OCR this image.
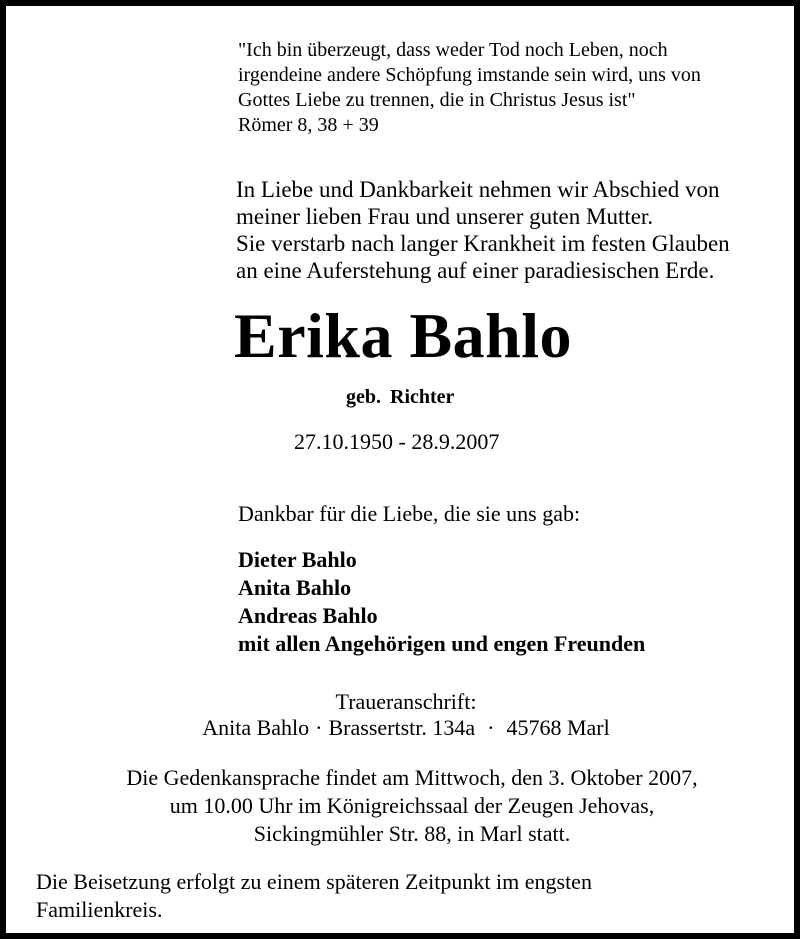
"Ich bin überzeugt, dass weder Tod noch Leben, noch
irgendeine andere Schöpfung imstande sein wird, uns von
Gottes Liebe zu trennen, die in Christus Jesus ist"
Römer 8, 38 + 39
In Liebe und Dankbarkeit nehmen wir Abschied von
meiner lieben Frau und unserer guten Mutter.
Sie verstarb nach langer Krankheit im festen Glauben
an eine Auferstehung auf einer paradiesischen Erde.
Erika Bahlo
geb. Richter
27.10.1950 - 28.9.2007
Dankbar für die Liebe, die sie uns gab:
Dieter Bahlo
Anita Bahlo
Andreas Bahlo
mit allen Angehörigen und engen Freunden
Traueranschrift:
Anita Bahlo · Brassertstr. 134a · 45768 Marl
Die Gedenkansprache findet am Mittwoch, den 3. Oktober 2007,
um 10.00 Uhr im Königreichssaal der Zeugen Jehovas,
Sickingmühler Str. 88, in Marl statt.
Die Beisetzung erfolgt zu einem späteren Zeitpunkt im engsten
Familienkreis.
